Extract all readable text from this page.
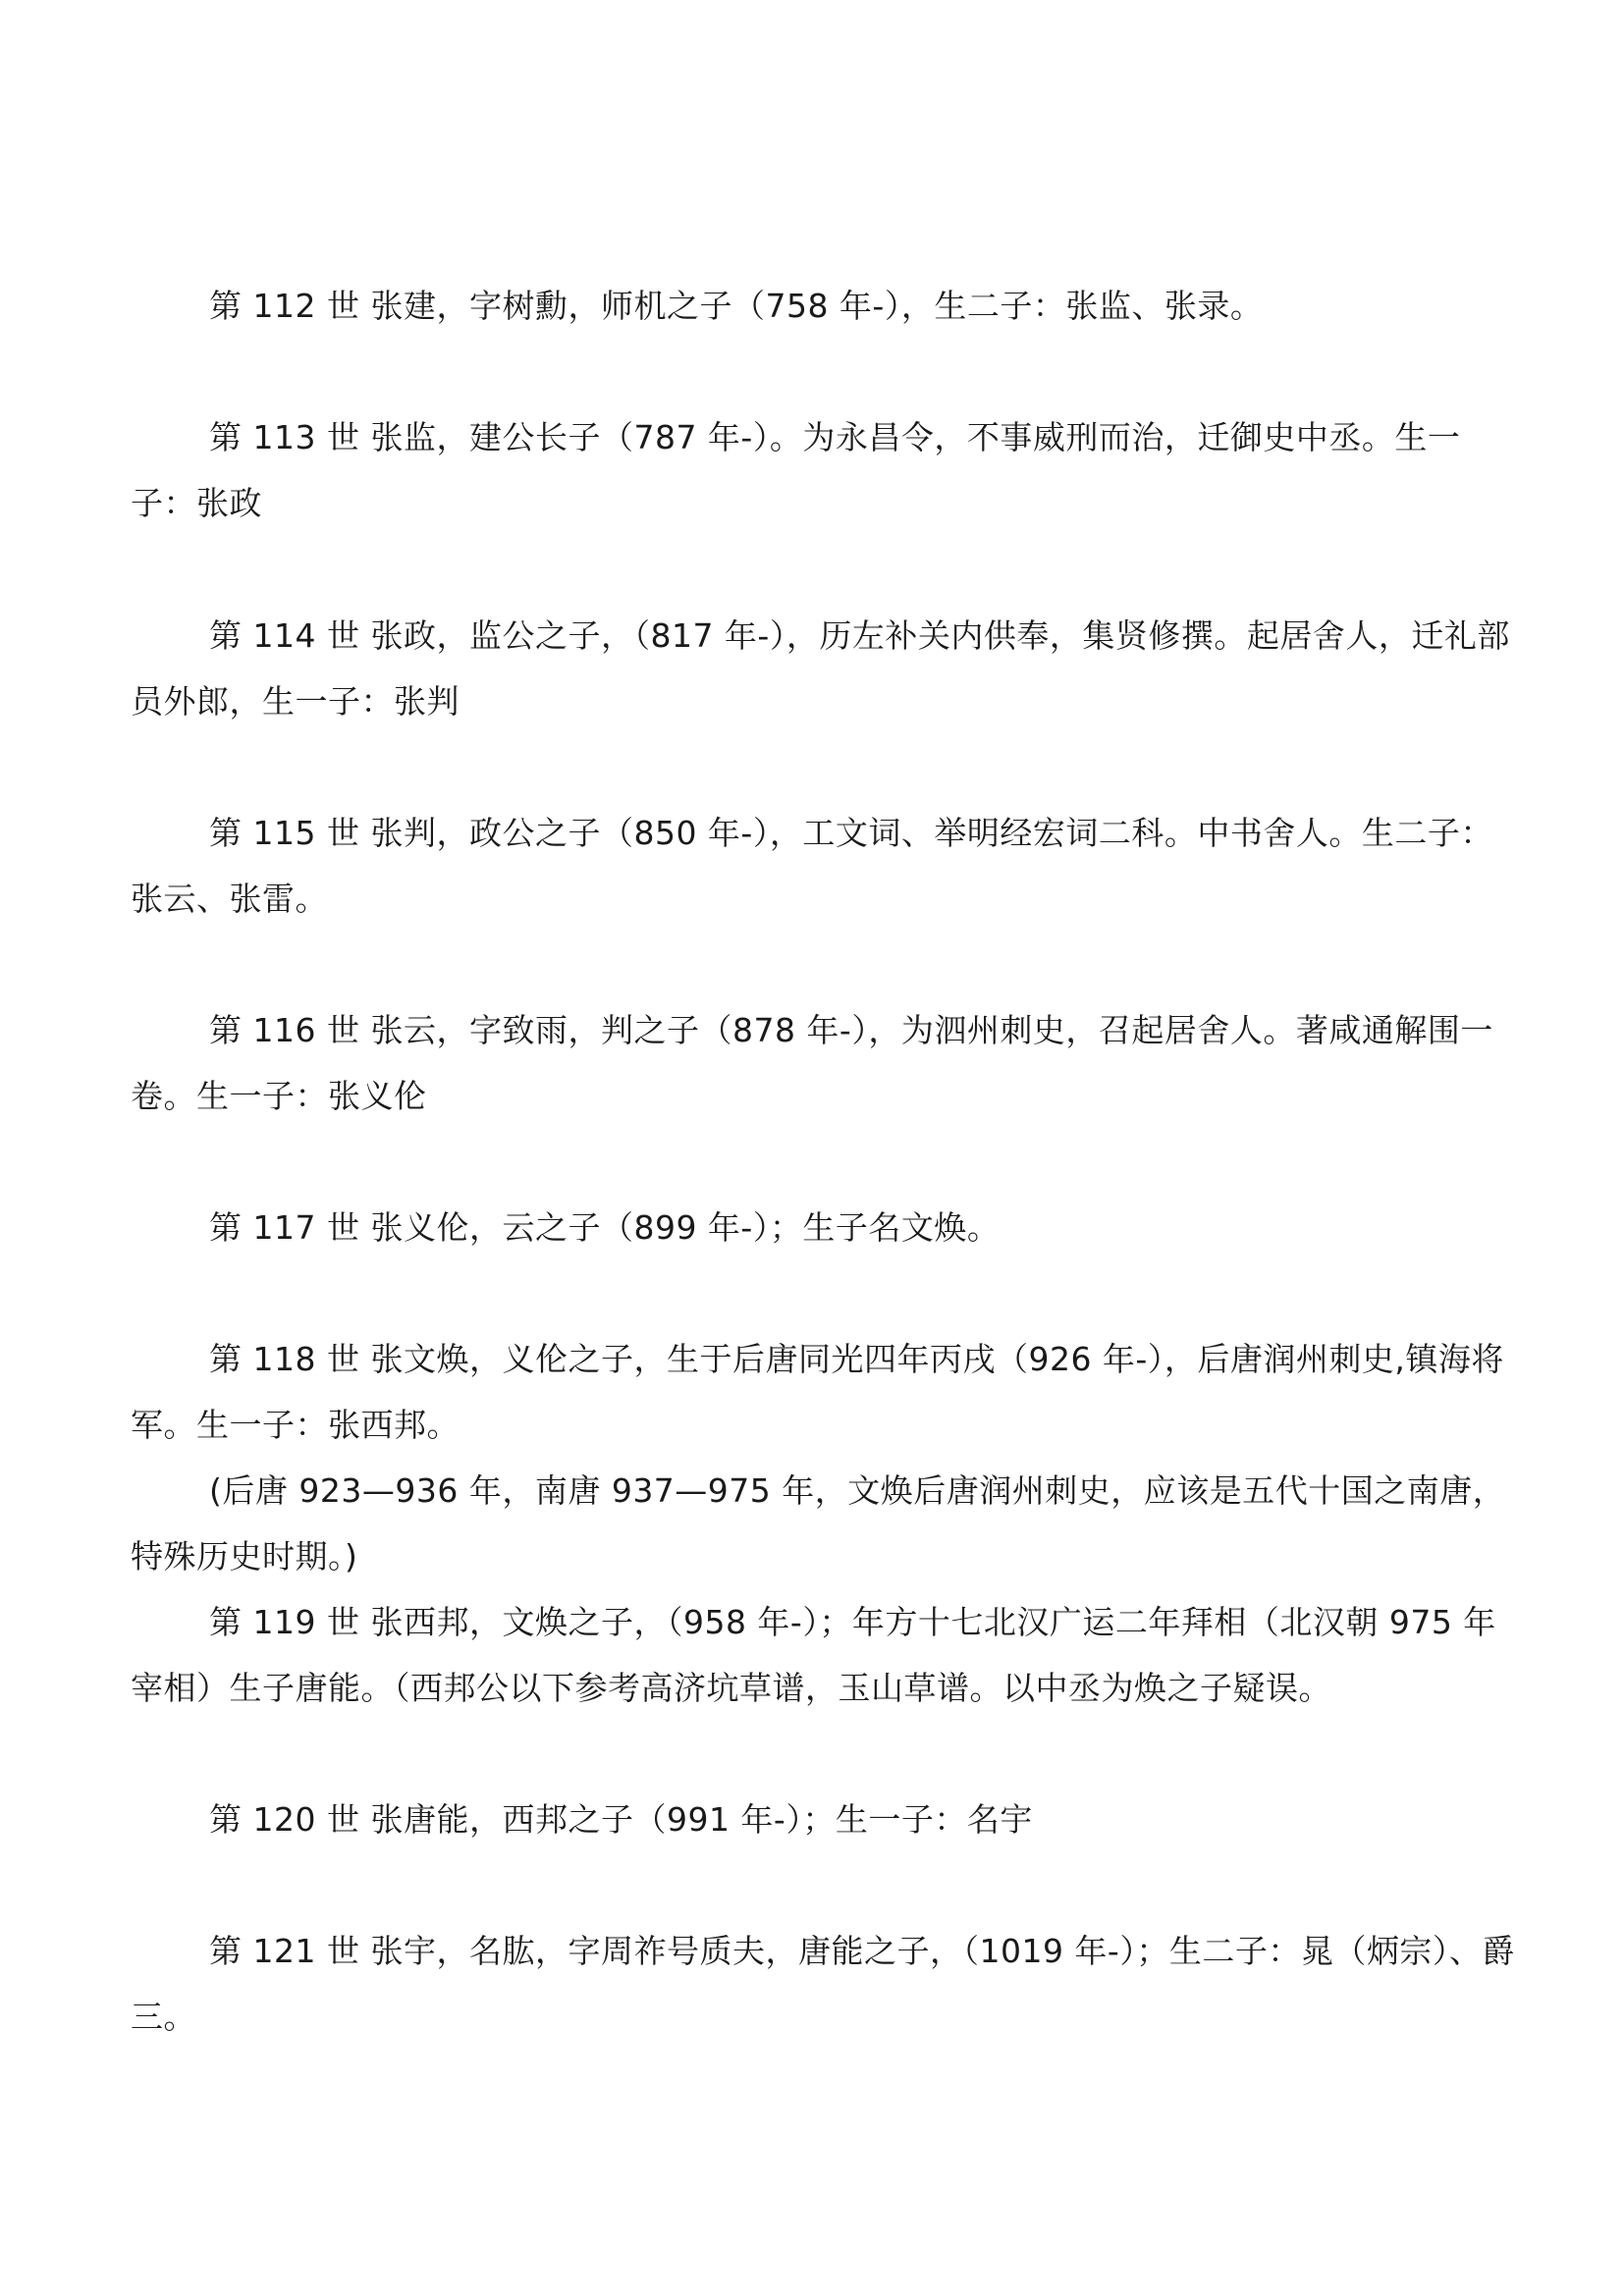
第 112 世 张建，字树勳，师机之子（758 年-），生二子：张监、张录。

第 113 世 张监，建公长子（787 年-）。为永昌令，不事威刑而治，迁御史中丞。生一子：张政

第 114 世 张政，监公之子，（817 年-），历左补关内供奉，集贤修撰。起居舍人，迁礼部员外郎，生一子：张判

第 115 世 张判，政公之子（850 年-），工文词、举明经宏词二科。中书舍人。生二子：张云、张雷。

第 116 世 张云，字致雨，判之子（878 年-），为泗州刺史，召起居舍人。著咸通解围一卷。生一子：张义伦

第 117 世 张义伦，云之子（899 年-）；生子名文焕。

第 118 世 张文焕，义伦之子，生于后唐同光四年丙戌（926 年-），后唐润州刺史,镇海将军。生一子：张西邦。

(后唐 923—936 年，南唐 937—975 年，文焕后唐润州刺史，应该是五代十国之南唐，特殊历史时期。)

第 119 世 张西邦，文焕之子，（958 年-）；年方十七北汉广运二年拜相（北汉朝 975 年宰相）生子唐能。（西邦公以下参考高济坑草谱，玉山草谱。以中丞为焕之子疑误。

第 120 世 张唐能，西邦之子（991 年-）；生一子：名宇

第 121 世 张宇，名肱，字周祚号质夫，唐能之子，（1019 年-）；生二子：晁（炳宗）、爵三。
